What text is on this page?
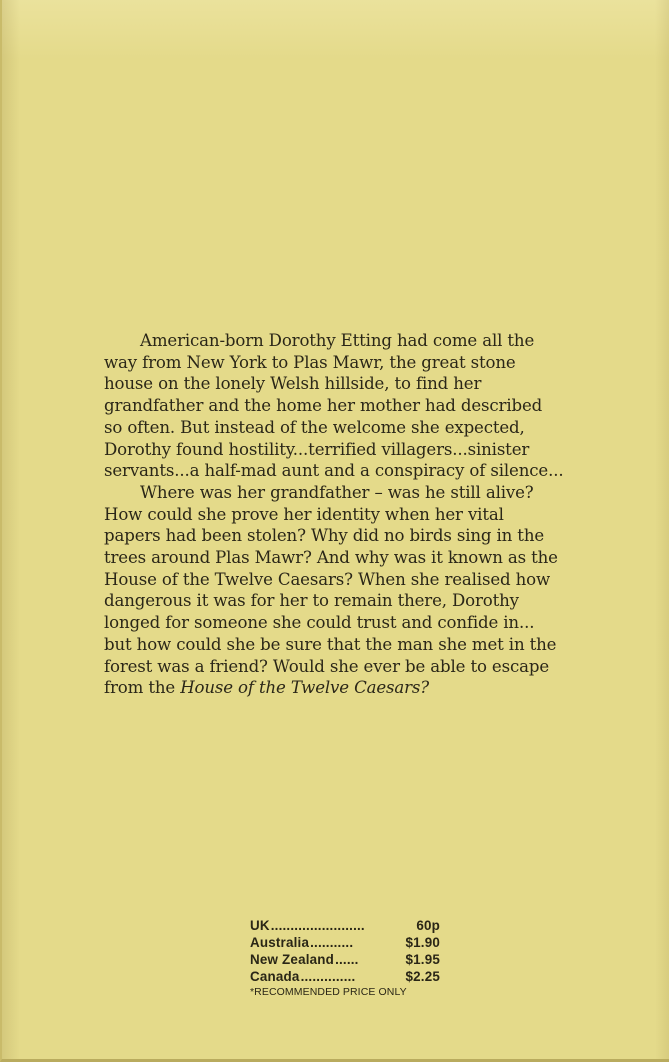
American-born Dorothy Etting had come all the way from New York to Plas Mawr, the great stone house on the lonely Welsh hillside, to find her grandfather and the home her mother had described so often. But instead of the welcome she expected, Dorothy found hostility...terrified villagers...sinister servants...a half-mad aunt and a conspiracy of silence...

Where was her grandfather – was he still alive? How could she prove her identity when her vital papers had been stolen? Why did no birds sing in the trees around Plas Mawr? And why was it known as the House of the Twelve Caesars? When she realised how dangerous it was for her to remain there, Dorothy longed for someone she could trust and confide in... but how could she be sure that the man she met in the forest was a friend? Would she ever be able to escape from the House of the Twelve Caesars?

UK ........................	60p
Australia ...........	$1.90
New Zealand ......	$1.95
Canada ..............	$2.25
*RECOMMENDED PRICE ONLY
